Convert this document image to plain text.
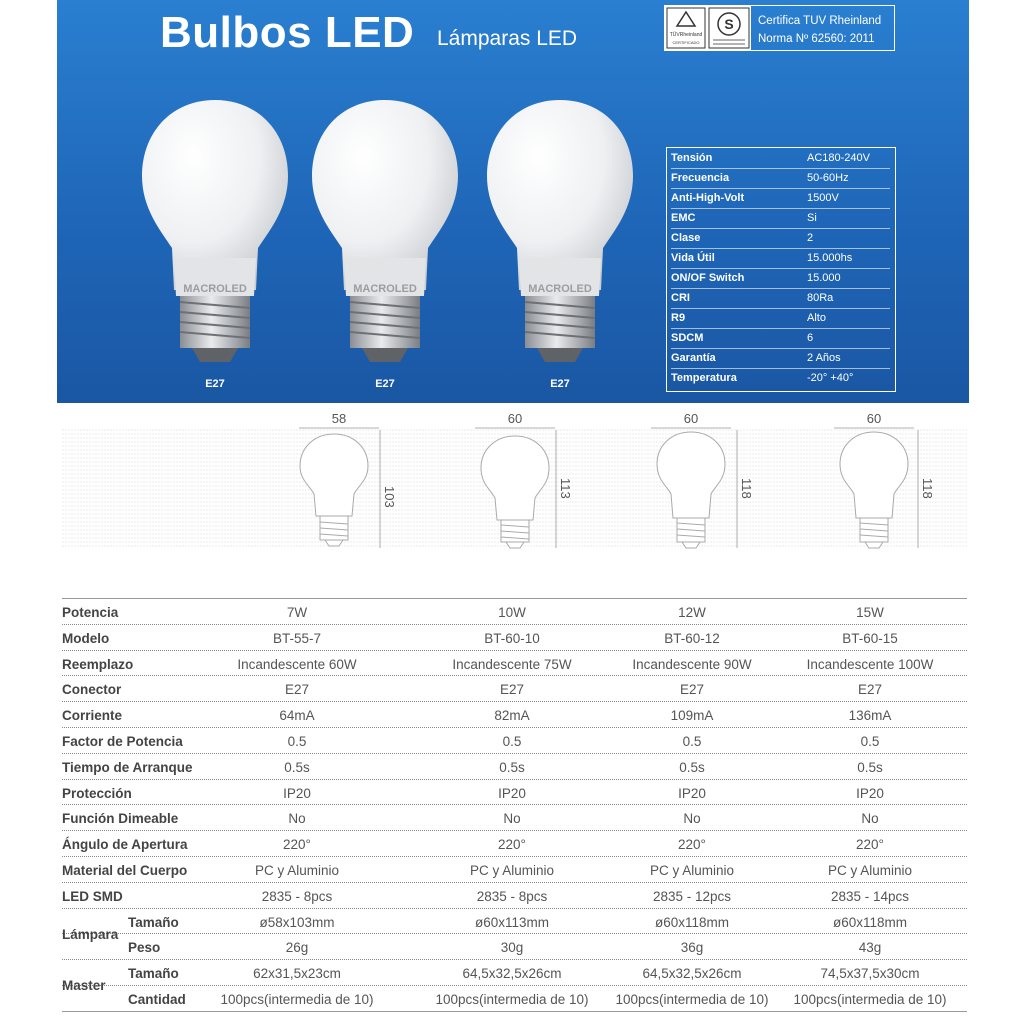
Bulbos LED Lámparas LED	TÜVRheinland
CERTIFICADO
S Certifica TUV Rheinland
Norma Nº 62560: 2011
MACROLED
E27
MACROLED
E27
MACROLED
E27
Tensión	AC180-240V
Frecuencia	50-60Hz
Anti-High-Volt	1500V
EMC	Si
Clase	2
Vida Útil	15.000hs
ON/OF Switch	15.000
CRI	80Ra
R9	Alto
SDCM	6
Garantía	2 Años
Temperatura	-20° +40°
58
103
60
113
60
118
60
118
Potencia	7W	10W	12W	15W
Modelo	BT-55-7	BT-60-10	BT-60-12	BT-60-15
Reemplazo	Incandescente 60W	Incandescente 75W	Incandescente 90W	Incandescente 100W
Conector	E27	E27	E27	E27
Corriente	64mA	82mA	109mA	136mA
Factor de Potencia	0.5	0.5	0.5	0.5
Tiempo de Arranque	0.5s	0.5s	0.5s	0.5s
Protección	IP20	IP20	IP20	IP20
Función Dimeable	No	No	No	No
Ángulo de Apertura	220°	220°	220°	220°
Material del Cuerpo	PC y Aluminio	PC y Aluminio	PC y Aluminio	PC y Aluminio
LED SMD	2835 - 8pcs	2835 - 8pcs	2835 - 12pcs	2835 - 14pcs
Lámpara
Tamaño	ø58x103mm	ø60x113mm	ø60x118mm	ø60x118mm
Peso	26g	30g	36g	43g
Master
Tamaño	62x31,5x23cm	64,5x32,5x26cm	64,5x32,5x26cm	74,5x37,5x30cm
Cantidad	100pcs(intermedia de 10)	100pcs(intermedia de 10)	100pcs(intermedia de 10)	100pcs(intermedia de 10)
